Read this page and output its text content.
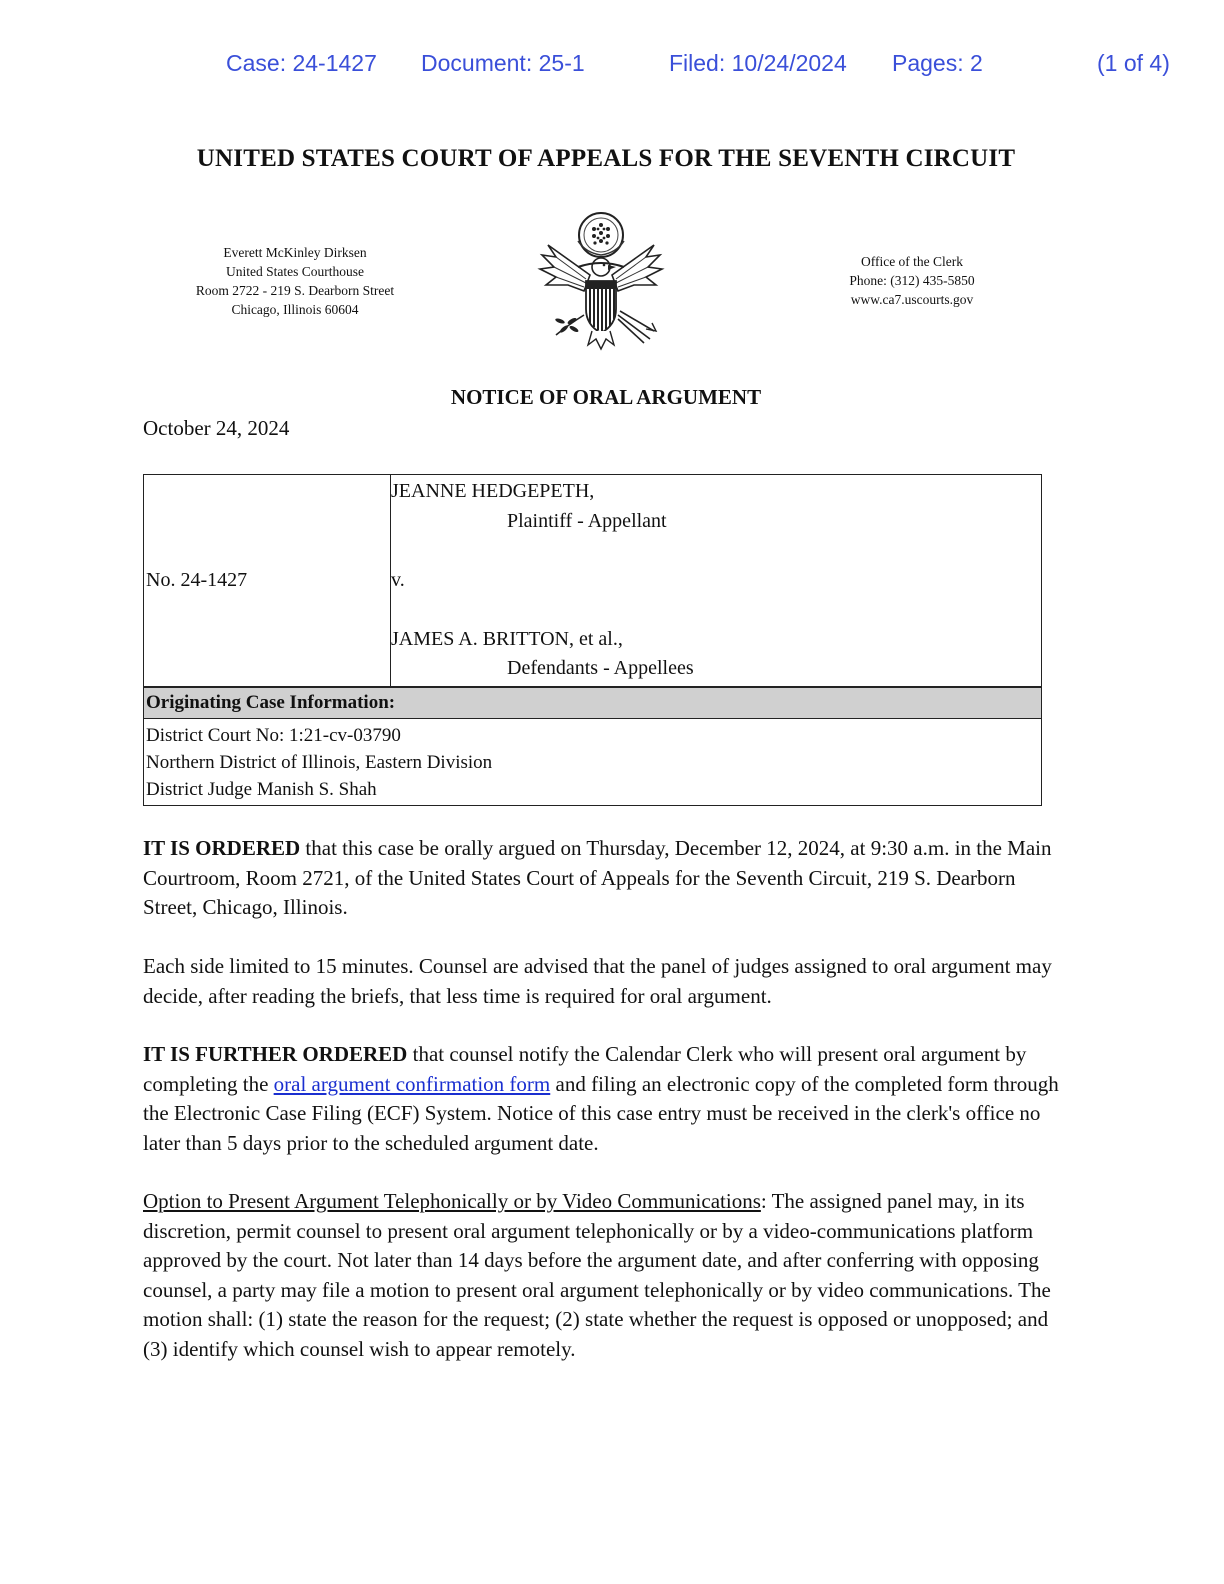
Case: 24-1427 Document: 25-1	Filed: 10/24/2024 Pages: 2	(1 of 4)
UNITED STATES COURT OF APPEALS FOR THE SEVENTH CIRCUIT
Everett McKinley Dirksen
United States Courthouse
Room 2722 - 219 S. Dearborn Street
Chicago, Illinois 60604
Office of the Clerk
Phone: (312) 435-5850
www.ca7.uscourts.gov
NOTICE OF ORAL ARGUMENT
October 24, 2024
No. 24-1427
JEANNE HEDGEPETH,
Plaintiff - Appellant
v.
JAMES A. BRITTON, et al.,
Defendants - Appellees
Originating Case Information:
District Court No: 1:21-cv-03790
Northern District of Illinois, Eastern Division
District Judge Manish S. Shah

IT IS ORDERED that this case be orally argued on Thursday, December 12, 2024, at 9:30 a.m. in the Main Courtroom, Room 2721, of the United States Court of Appeals for the Seventh Circuit, 219 S. Dearborn Street, Chicago, Illinois.

Each side limited to 15 minutes. Counsel are advised that the panel of judges assigned to oral argument may decide, after reading the briefs, that less time is required for oral argument.

IT IS FURTHER ORDERED that counsel notify the Calendar Clerk who will present oral argument by completing the oral argument confirmation form and filing an electronic copy of the completed form through the Electronic Case Filing (ECF) System. Notice of this case entry must be received in the clerk's office no later than 5 days prior to the scheduled argument date.

Option to Present Argument Telephonically or by Video Communications: The assigned panel may, in its discretion, permit counsel to present oral argument telephonically or by a video-communications platform approved by the court. Not later than 14 days before the argument date, and after conferring with opposing counsel, a party may file a motion to present oral argument telephonically or by video communications. The motion shall: (1) state the reason for the request; (2) state whether the request is opposed or unopposed; and (3) identify which counsel wish to appear remotely.
